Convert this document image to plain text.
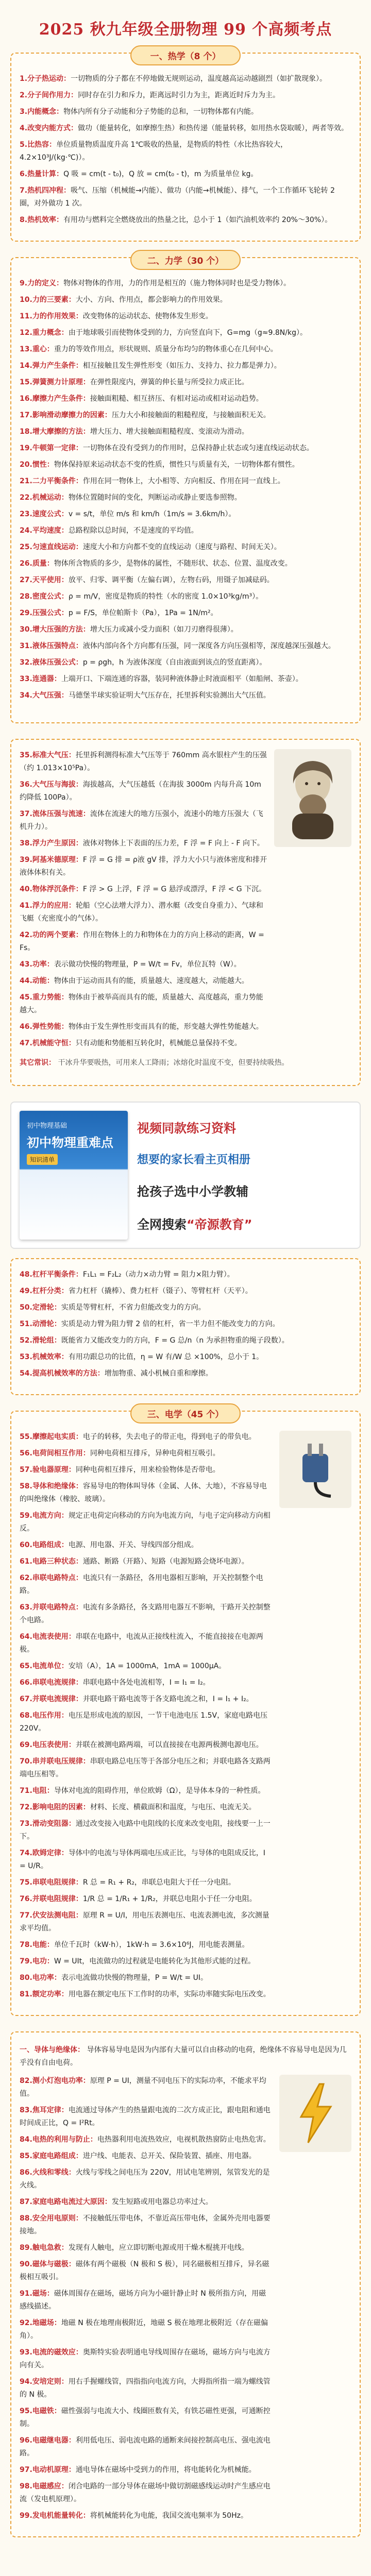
2025 秋九年级全册物理 99 个高频考点
一、热学（8 个）
1.分子热运动：一切物质的分子都在不停地做无规则运动，温度越高运动越剧烈（如扩散现象）。
2.分子间作用力：同时存在引力和斥力，距离远时引力为主，距离近时斥力为主。
3.内能概念：物体内所有分子动能和分子势能的总和，一切物体都有内能。
4.改变内能方式：做功（能量转化，如摩擦生热）和热传递（能量转移，如用热水袋取暖），两者等效。
5.比热容：单位质量物质温度升高 1℃吸收的热量，是物质的特性（水比热容较大，4.2×10³J/(kg·℃)）。
6.热量计算：Q 吸 = cm(t - t₀)，Q 放 = cm(t₀ - t)，m 为质量单位 kg。
7.热机四冲程：吸气、压缩（机械能→内能）、做功（内能→机械能）、排气，一个工作循环飞轮转 2 圈，对外做功 1 次。
8.热机效率：有用功与燃料完全燃烧放出的热量之比，总小于 1（如汽油机效率约 20%～30%）。
二、力学（30 个）
9.力的定义：物体对物体的作用，力的作用是相互的（施力物体同时也是受力物体）。
10.力的三要素：大小、方向、作用点，都会影响力的作用效果。
11.力的作用效果：改变物体的运动状态、使物体发生形变。
12.重力概念：由于地球吸引而使物体受到的力，方向竖直向下，G=mg（g≈9.8N/kg）。
13.重心：重力的等效作用点，形状规则、质量分布均匀的物体重心在几何中心。
14.弹力产生条件：相互接触且发生弹性形变（如压力、支持力、拉力都是弹力）。
15.弹簧测力计原理：在弹性限度内，弹簧的伸长量与所受拉力成正比。
16.摩擦力产生条件：接触面粗糙、相互挤压、有相对运动或相对运动趋势。
17.影响滑动摩擦力的因素：压力大小和接触面的粗糙程度，与接触面积无关。
18.增大摩擦的方法：增大压力、增大接触面粗糙程度、变滚动为滑动。
19.牛顿第一定律：一切物体在没有受到力的作用时，总保持静止状态或匀速直线运动状态。
20.惯性：物体保持原来运动状态不变的性质，惯性只与质量有关，一切物体都有惯性。
21.二力平衡条件：作用在同一物体上，大小相等、方向相反、作用在同一直线上。
22.机械运动：物体位置随时间的变化，判断运动或静止要选参照物。
23.速度公式：v = s/t，单位 m/s 和 km/h（1m/s = 3.6km/h）。
24.平均速度：总路程除以总时间，不是速度的平均值。
25.匀速直线运动：速度大小和方向都不变的直线运动（速度与路程、时间无关）。
26.质量：物体所含物质的多少，是物体的属性，不随形状、状态、位置、温度改变。
27.天平使用：放平、归零、调平衡（左偏右调），左物右码，用镊子加减砝码。
28.密度公式：ρ = m/V，密度是物质的特性（水的密度 1.0×10³kg/m³）。
29.压强公式：p = F/S，单位帕斯卡（Pa），1Pa = 1N/m²。
30.增大压强的方法：增大压力或减小受力面积（如刀刃磨得很薄）。
31.液体压强特点：液体内部向各个方向都有压强，同一深度各方向压强相等，深度越深压强越大。
32.液体压强公式：p = ρgh，h 为液体深度（自由液面到该点的竖直距离）。
33.连通器：上端开口、下端连通的容器，装同种液体静止时液面相平（如船闸、茶壶）。
34.大气压强：马德堡半球实验证明大气压存在，托里拆利实验测出大气压值。
35.标准大气压：托里拆利测得标准大气压等于 760mm 高水银柱产生的压强（约 1.013×10⁵Pa）。
36.大气压与海拔：海拔越高，大气压越低（在海拔 3000m 内每升高 10m 约降低 100Pa）。
37.流体压强与流速：流体在流速大的地方压强小，流速小的地方压强大（飞机升力）。
38.浮力产生原因：液体对物体上下表面的压力差，F 浮 = F 向上 - F 向下。
39.阿基米德原理：F 浮 = G 排 = ρ液 gV 排，浮力大小只与液体密度和排开液体体积有关。
40.物体浮沉条件：F 浮 > G 上浮，F 浮 = G 悬浮或漂浮，F 浮 < G 下沉。
41.浮力的应用：轮船（空心法增大浮力）、潜水艇（改变自身重力）、气球和飞艇（充密度小的气体）。
42.功的两个要素：作用在物体上的力和物体在力的方向上移动的距离，W = Fs。
43.功率：表示做功快慢的物理量，P = W/t = Fv，单位瓦特（W）。
44.动能：物体由于运动而具有的能，质量越大、速度越大，动能越大。
45.重力势能：物体由于被举高而具有的能，质量越大、高度越高，重力势能越大。
46.弹性势能：物体由于发生弹性形变而具有的能，形变越大弹性势能越大。
47.机械能守恒：只有动能和势能相互转化时，机械能总量保持不变。
其它常识： 干冰升华要吸热，可用来人工降雨；冰熔化时温度不变，但要持续吸热。
初中物理基础
初中物理重难点
知识清单
视频同款练习资料
想要的家长看主页相册
抢孩子选中小学教辅
全网搜索“帝源教育”
48.杠杆平衡条件：F₁L₁ = F₂L₂（动力×动力臂 = 阻力×阻力臂）。
49.杠杆分类：省力杠杆（撬棒）、费力杠杆（镊子）、等臂杠杆（天平）。
50.定滑轮：实质是等臂杠杆，不省力但能改变力的方向。
51.动滑轮：实质是动力臂为阻力臂 2 倍的杠杆，省一半力但不能改变力的方向。
52.滑轮组：既能省力又能改变力的方向，F = G 总/n（n 为承担物重的绳子段数）。
53.机械效率：有用功跟总功的比值，η = W 有/W 总 ×100%，总小于 1。
54.提高机械效率的方法：增加物重、减小机械自重和摩擦。
三、电学（45 个）
55.摩擦起电实质：电子的转移，失去电子的带正电，得到电子的带负电。
56.电荷间相互作用：同种电荷相互排斥，异种电荷相互吸引。
57.验电器原理：同种电荷相互排斥，用来检验物体是否带电。
58.导体和绝缘体：容易导电的物体叫导体（金属、人体、大地），不容易导电的叫绝缘体（橡胶、玻璃）。
59.电流方向：规定正电荷定向移动的方向为电流方向，与电子定向移动方向相反。
60.电路组成：电源、用电器、开关、导线四部分组成。
61.电路三种状态：通路、断路（开路）、短路（电源短路会烧坏电源）。
62.串联电路特点：电流只有一条路径，各用电器相互影响，开关控制整个电路。
63.并联电路特点：电流有多条路径，各支路用电器互不影响，干路开关控制整个电路。
64.电流表使用：串联在电路中，电流从正接线柱流入，不能直接接在电源两极。
65.电流单位：安培（A），1A = 1000mA，1mA = 1000μA。
66.串联电流规律：串联电路中各处电流相等，I = I₁ = I₂。
67.并联电流规律：并联电路干路电流等于各支路电流之和，I = I₁ + I₂。
68.电压作用：电压是形成电流的原因，一节干电池电压 1.5V，家庭电路电压 220V。
69.电压表使用：并联在被测电路两端，可以直接接在电源两极测电源电压。
70.串并联电压规律：串联电路总电压等于各部分电压之和；并联电路各支路两端电压相等。
71.电阻：导体对电流的阻碍作用，单位欧姆（Ω），是导体本身的一种性质。
72.影响电阻的因素：材料、长度、横截面积和温度，与电压、电流无关。
73.滑动变阻器：通过改变接入电路中电阻线的长度来改变电阻，接线要一上一下。
74.欧姆定律：导体中的电流与导体两端电压成正比，与导体的电阻成反比，I = U/R。
75.串联电阻规律：R 总 = R₁ + R₂，串联总电阻大于任一分电阻。
76.并联电阻规律：1/R 总 = 1/R₁ + 1/R₂，并联总电阻小于任一分电阻。
77.伏安法测电阻：原理 R = U/I，用电压表测电压、电流表测电流，多次测量求平均值。
78.电能：单位千瓦时（kW·h），1kW·h = 3.6×10⁶J，用电能表测量。
79.电功：W = UIt，电流做功的过程就是电能转化为其他形式能的过程。
80.电功率：表示电流做功快慢的物理量，P = W/t = UI。
81.额定功率：用电器在额定电压下工作时的功率，实际功率随实际电压改变。
一、导体与绝缘体： 导体容易导电是因为内部有大量可以自由移动的电荷，绝缘体不容易导电是因为几乎没有自由电荷。
82.测小灯泡电功率：原理 P = UI，测量不同电压下的实际功率，不能求平均值。
83.焦耳定律：电流通过导体产生的热量跟电流的二次方成正比，跟电阻和通电时间成正比，Q = I²Rt。
84.电热的利用与防止：电热器利用电流热效应，电视机散热窗防止电热危害。
85.家庭电路组成：进户线、电能表、总开关、保险装置、插座、用电器。
86.火线和零线：火线与零线之间电压为 220V，用试电笔辨别，氖管发光的是火线。
87.家庭电路电流过大原因：发生短路或用电器总功率过大。
88.安全用电原则：不接触低压带电体，不靠近高压带电体，金属外壳用电器要接地。
89.触电急救：发现有人触电，应立即切断电源或用干燥木棍挑开电线。
90.磁体与磁极：磁体有两个磁极（N 极和 S 极），同名磁极相互排斥，异名磁极相互吸引。
91.磁场：磁体周围存在磁场，磁场方向为小磁针静止时 N 极所指方向，用磁感线描述。
92.地磁场：地磁 N 极在地理南极附近，地磁 S 极在地理北极附近（存在磁偏角）。
93.电流的磁效应：奥斯特实验表明通电导线周围存在磁场，磁场方向与电流方向有关。
94.安培定则：用右手握螺线管，四指指向电流方向，大拇指所指一端为螺线管的 N 极。
95.电磁铁：磁性强弱与电流大小、线圈匝数有关，有铁芯磁性更强，可通断控制。
96.电磁继电器：利用低电压、弱电流电路的通断来间接控制高电压、强电流电路。
97.电动机原理：通电导体在磁场中受到力的作用，将电能转化为机械能。
98.电磁感应：闭合电路的一部分导体在磁场中做切割磁感线运动时产生感应电流（发电机原理）。
99.发电机能量转化：将机械能转化为电能，我国交流电频率为 50Hz。
